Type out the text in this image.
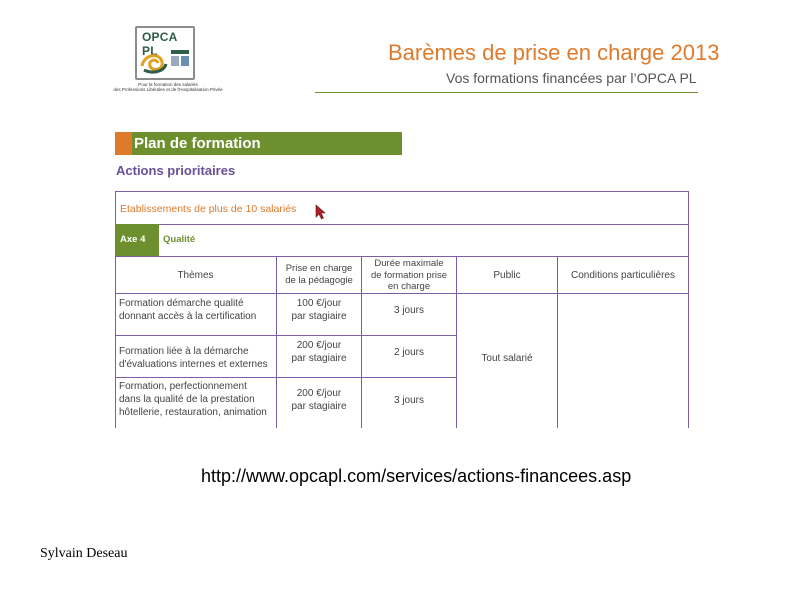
OPCA PL
Pour la formation des salariés
des Professions Libérales et de l'Hospitalisation Privée
Barèmes de prise en charge 2013
Vos formations financées par l’OPCA PL
Plan de formation
Actions prioritaires
Etablissements de plus de 10 salariés
Axe 4 Qualité
Thèmes
Prise en charge
de la pédagogie
Durée maximale
de formation prise
en charge
Public	Conditions particulières
Formation démarche qualité
donnant accès à la certification
100 €/jour
par stagiaire
3 jours
Formation liée à la démarche
d'évaluations internes et externes
200 €/jour
par stagiaire
2 jours
Tout salarié
Formation, perfectionnement
dans la qualité de la prestation
hôtellerie, restauration, animation
200 €/jour
par stagiaire
3 jours
http://www.opcapl.com/services/actions-financees.asp
Sylvain Deseau
